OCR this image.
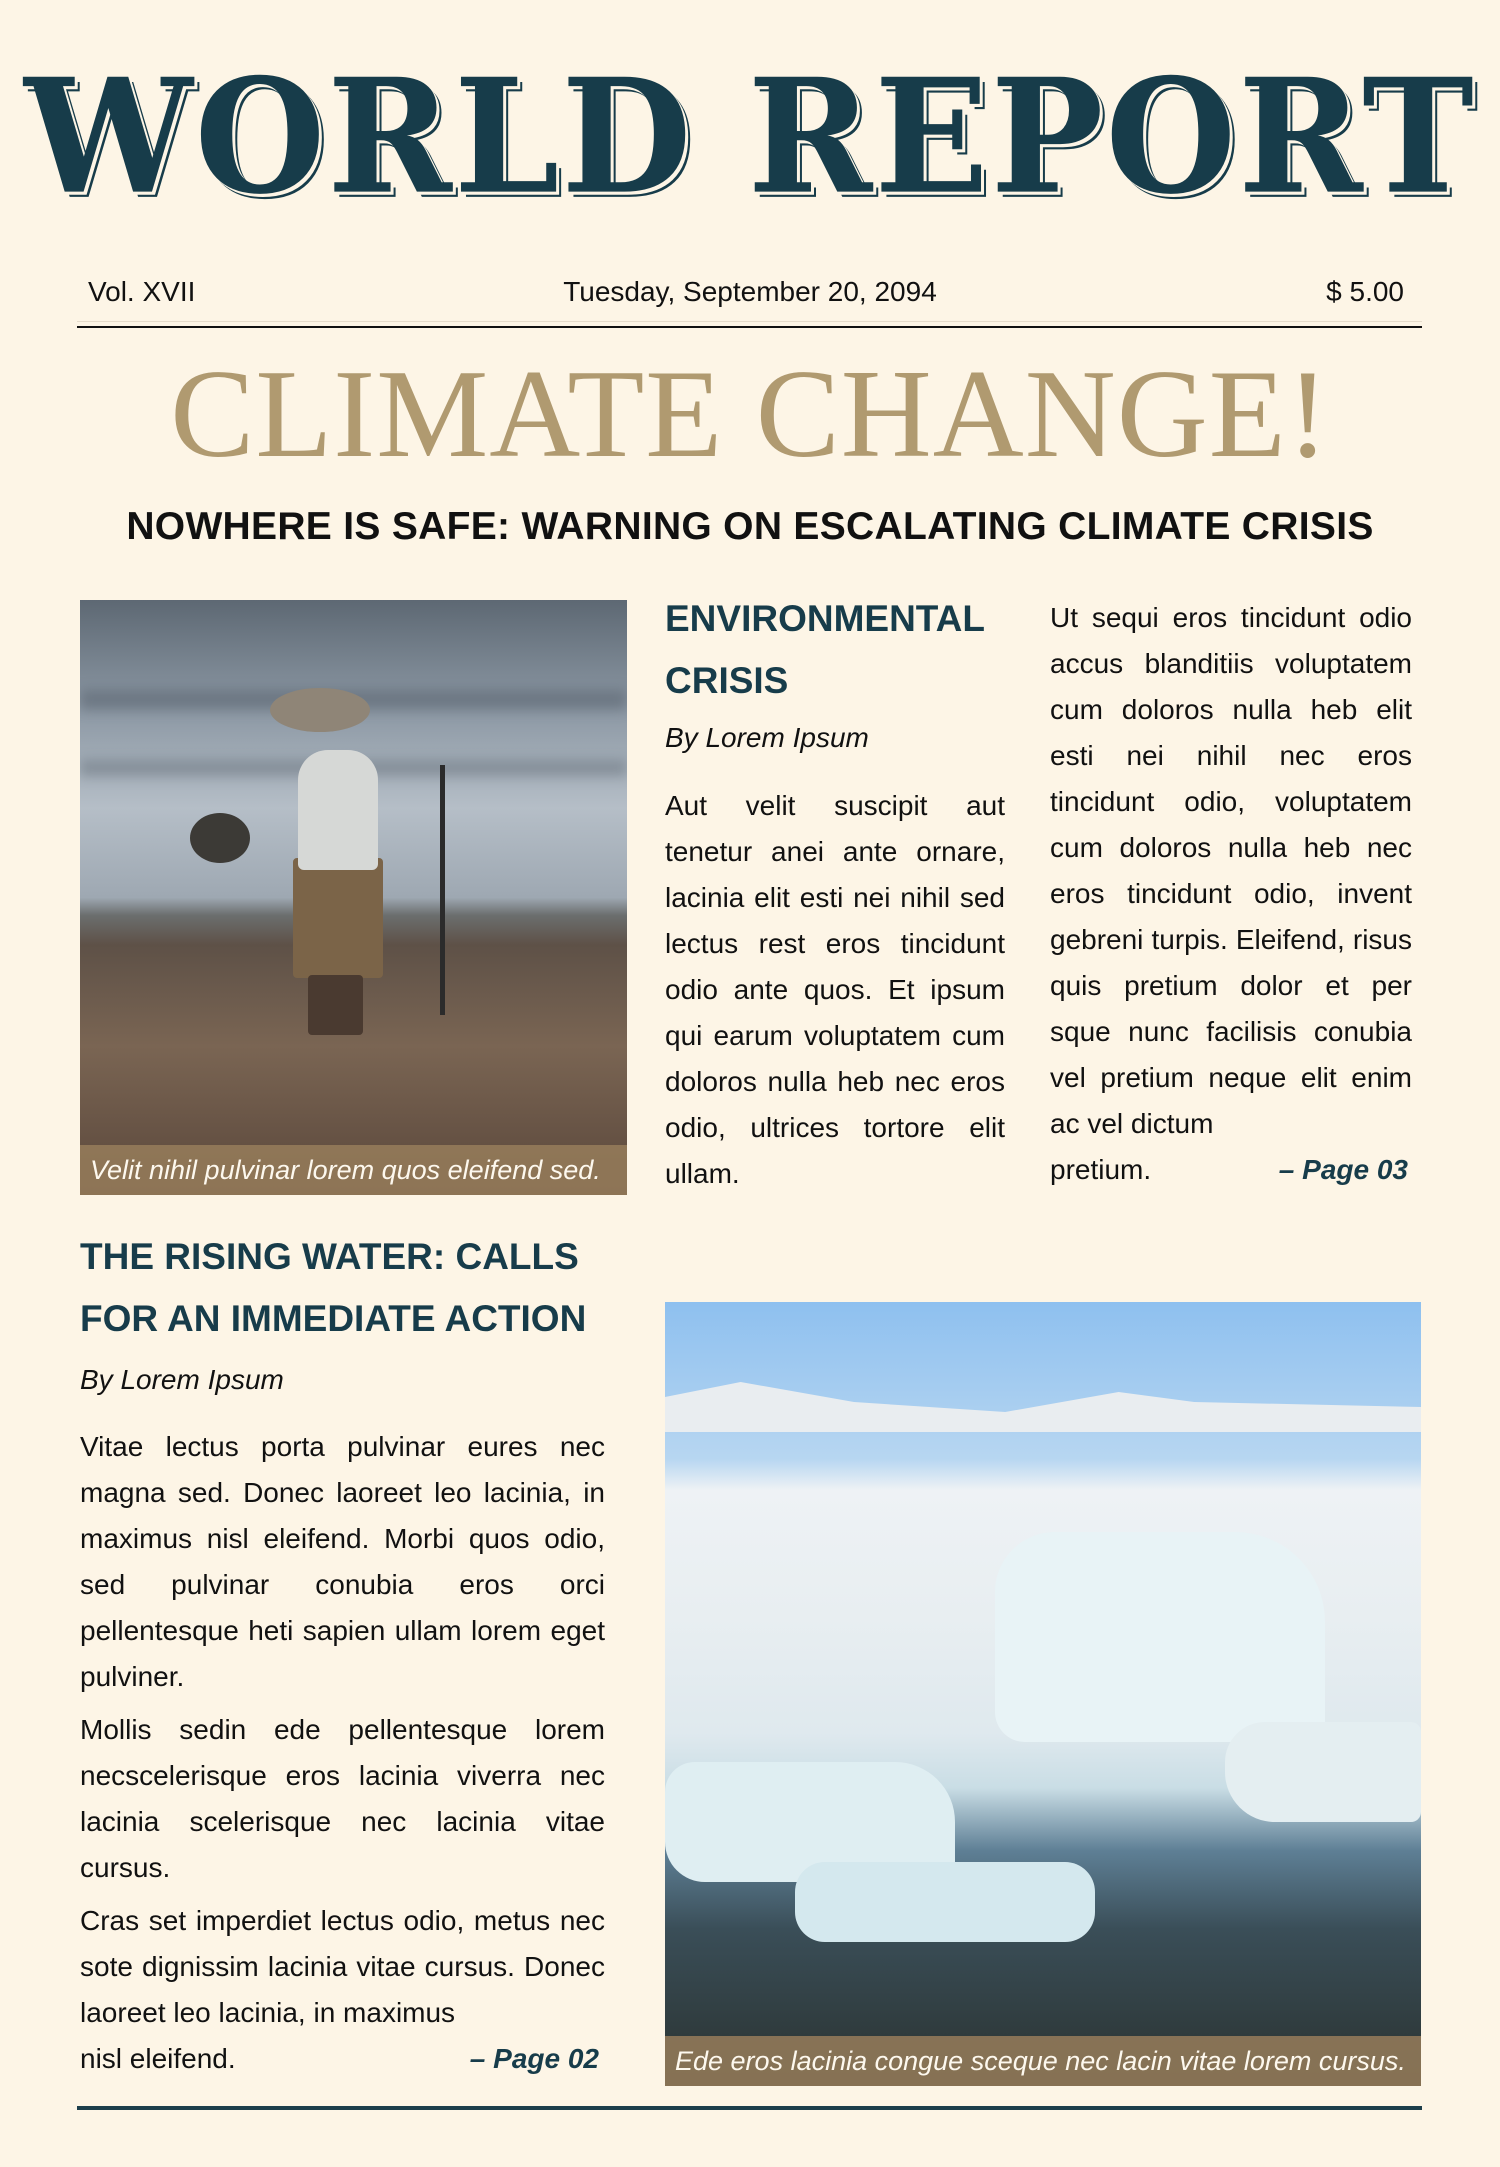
WORLD REPORT
Vol. XVII	Tuesday, September 20, 2094	$ 5.00
CLIMATE CHANGE!
NOWHERE IS SAFE: WARNING ON ESCALATING CLIMATE CRISIS
Velit nihil pulvinar lorem quos eleifend sed.
ENVIRONMENTAL CRISIS
By Lorem Ipsum
Aut velit suscipit aut tenetur anei ante ornare, lacinia elit esti nei nihil sed lectus rest eros tincidunt odio ante quos. Et ipsum qui earum voluptatem cum doloros nulla heb nec eros odio, ultrices tortore elit ullam.
Ut sequi eros tincidunt odio accus blanditiis voluptatem cum doloros nulla heb elit esti nei nihil nec eros tincidunt odio, voluptatem cum doloros nulla heb nec eros tincidunt odio, invent gebreni turpis. Eleifend, risus quis pretium dolor et per sque nunc facilisis conubia vel pretium neque elit enim ac vel dictum
pretium.	– Page 03
THE RISING WATER: CALLS FOR AN IMMEDIATE ACTION
By Lorem Ipsum

Vitae lectus porta pulvinar eures nec magna sed. Donec laoreet leo lacinia, in maximus nisl eleifend. Morbi quos odio, sed pulvinar conubia eros orci pellentesque heti sapien ullam lorem eget pulviner.

Mollis sedin ede pellentesque lorem necscelerisque eros lacinia viverra nec lacinia scelerisque nec lacinia vitae cursus.

Cras set imperdiet lectus odio, metus nec sote dignissim lacinia vitae cursus. Donec laoreet leo lacinia, in maximus

nisl eleifend.	– Page 02	Ede eros lacinia congue sceque nec lacin vitae lorem cursus.
